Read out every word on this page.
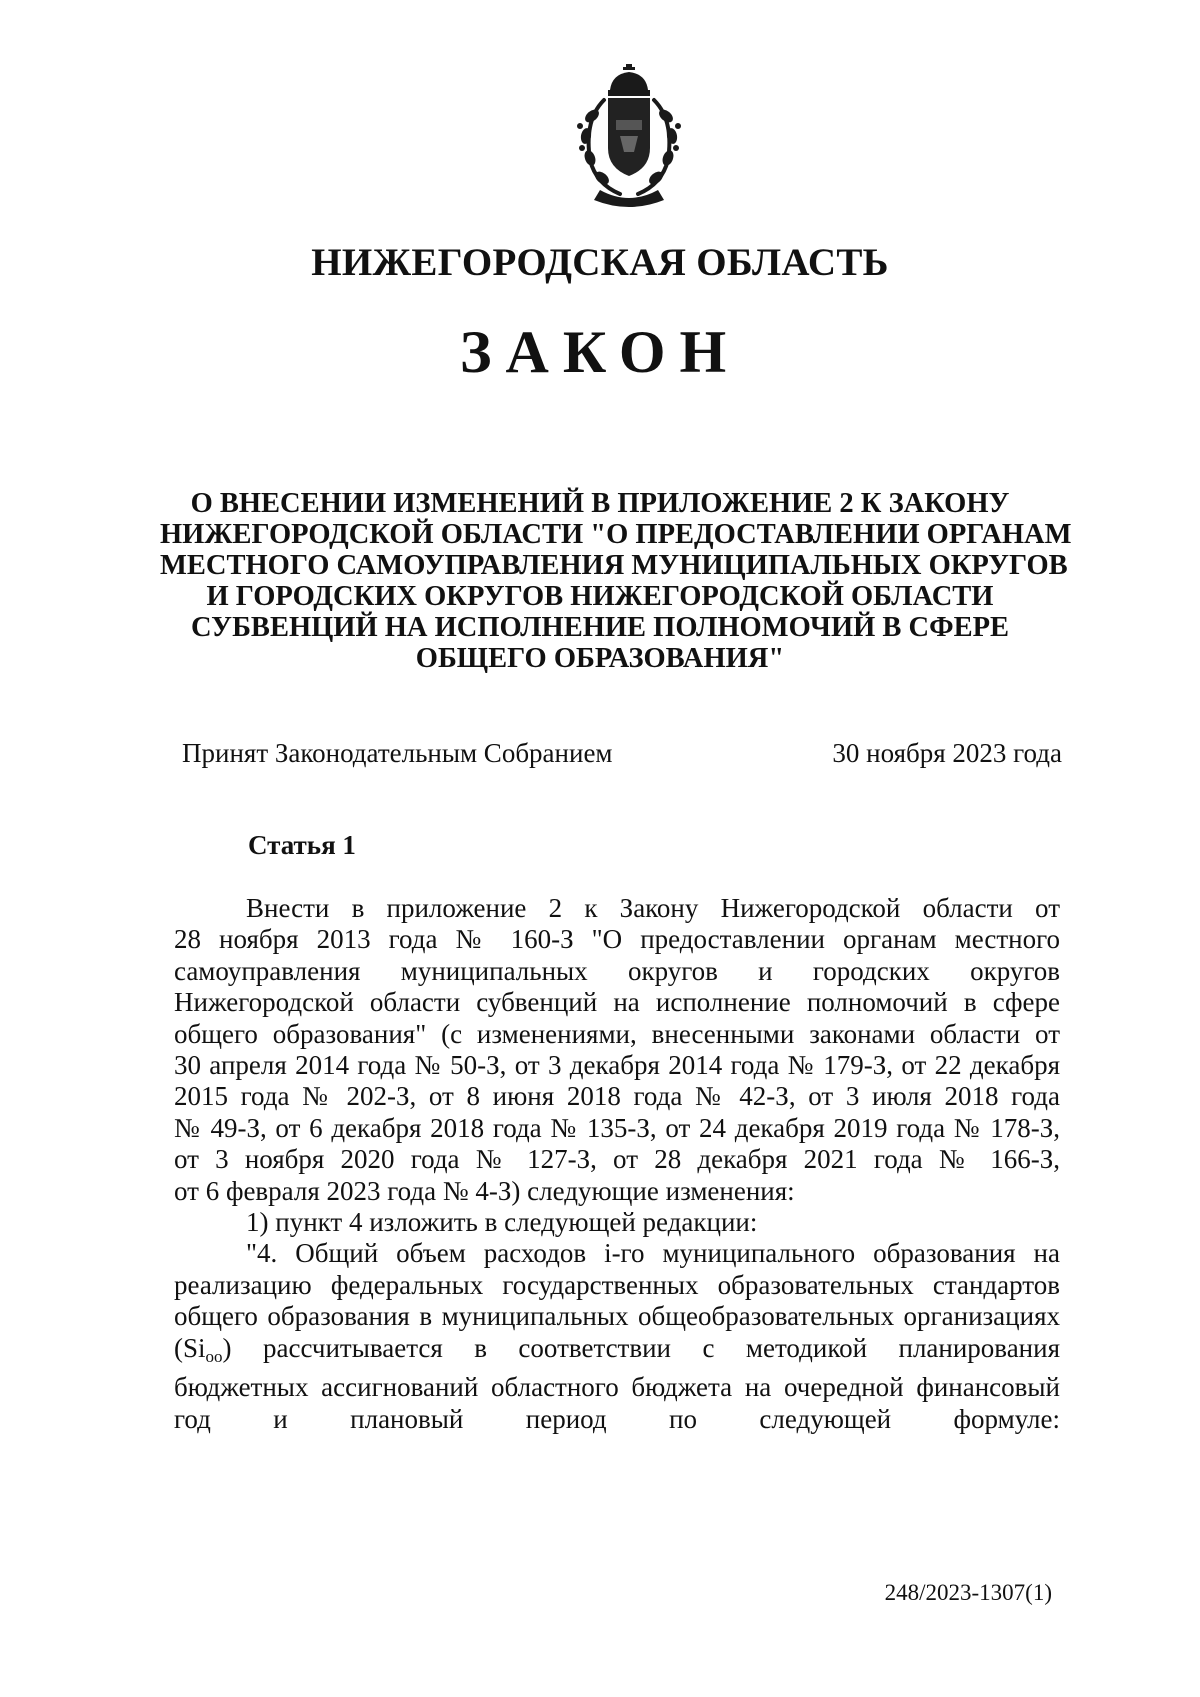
НИЖЕГОРОДСКАЯ ОБЛАСТЬ
ЗАКОН
О ВНЕСЕНИИ ИЗМЕНЕНИЙ В ПРИЛОЖЕНИЕ 2 К ЗАКОНУ
НИЖЕГОРОДСКОЙ ОБЛАСТИ "О ПРЕДОСТАВЛЕНИИ ОРГАНАМ
МЕСТНОГО САМОУПРАВЛЕНИЯ МУНИЦИПАЛЬНЫХ ОКРУГОВ
И ГОРОДСКИХ ОКРУГОВ НИЖЕГОРОДСКОЙ ОБЛАСТИ
СУБВЕНЦИЙ НА ИСПОЛНЕНИЕ ПОЛНОМОЧИЙ В СФЕРЕ
ОБЩЕГО ОБРАЗОВАНИЯ"
Принят Законодательным Собранием	30 ноября 2023 года
Статья 1
Внести в приложение 2 к Закону Нижегородской области от
28 ноября 2013 года № 160-З "О предоставлении органам местного
самоуправления муниципальных округов и городских округов
Нижегородской области субвенций на исполнение полномочий в сфере
общего образования" (с изменениями, внесенными законами области от
30 апреля 2014 года № 50-З, от 3 декабря 2014 года № 179-З, от 22 декабря
2015 года № 202-З, от 8 июня 2018 года № 42-З, от 3 июля 2018 года
№ 49-З, от 6 декабря 2018 года № 135-З, от 24 декабря 2019 года № 178-З,
от 3 ноября 2020 года № 127-З, от 28 декабря 2021 года № 166-З,
от 6 февраля 2023 года № 4-З) следующие изменения:
1) пункт 4 изложить в следующей редакции:
"4. Общий объем расходов i-го муниципального образования на
реализацию федеральных государственных образовательных стандартов
общего образования в муниципальных общеобразовательных организациях
$(Si_{оо})$ рассчитывается в соответствии с методикой планирования
бюджетных ассигнований областного бюджета на очередной финансовый
год и плановый период по следующей формуле:
248/2023-1307(1)
